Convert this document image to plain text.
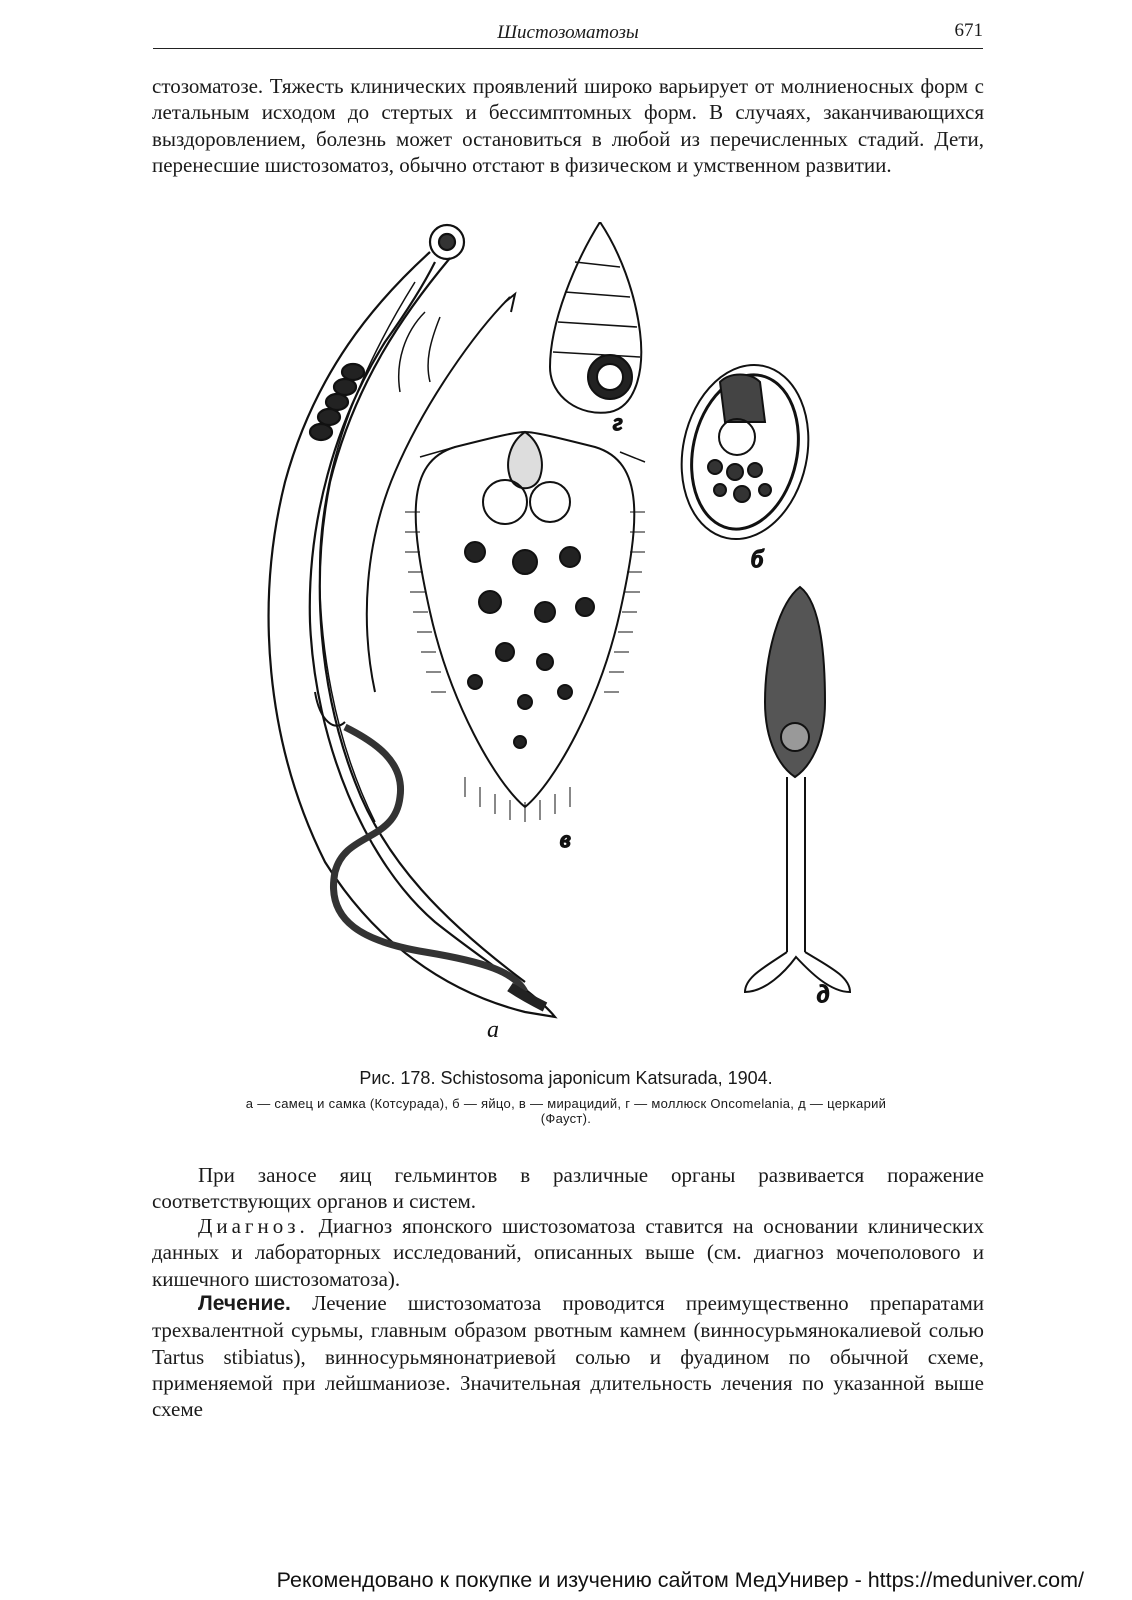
Шистозоматозы	671

стозоматозе. Тяжесть клинических проявлений широко варьирует от молниеносных форм с летальным исходом до стертых и бессимптомных форм. В случаях, заканчивающихся выздоровлением, болезнь может остановиться в любой из перечисленных стадий. Дети, перенесшие шистозоматоз, обычно отстают в физическом и умственном развитии.

г
б
в
д
а
Рис. 178. Schistosoma japonicum Katsurada, 1904.
а — самец и самка (Котсурада), б — яйцо, в — мирацидий, г — моллюск Oncomelania, д — церкарий (Фауст).

При заносе яиц гельминтов в различные органы развивается поражение соответствующих органов и систем.

Диагноз. Диагноз японского шистозоматоза ставится на основании клинических данных и лабораторных исследований, описанных выше (см. диагноз мочеполового и кишечного шистозоматоза).

Лечение. Лечение шистозоматоза проводится преимущественно препаратами трехвалентной сурьмы, главным образом рвотным камнем (винносурьмянокалиевой солью Tartus stibiatus), винносурьмянонатриевой солью и фуадином по обычной схеме, применяемой при лейшманиозе. Значительная длительность лечения по указанной выше схеме

Рекомендовано к покупке и изучению сайтом МедУнивер - https://meduniver.com/
